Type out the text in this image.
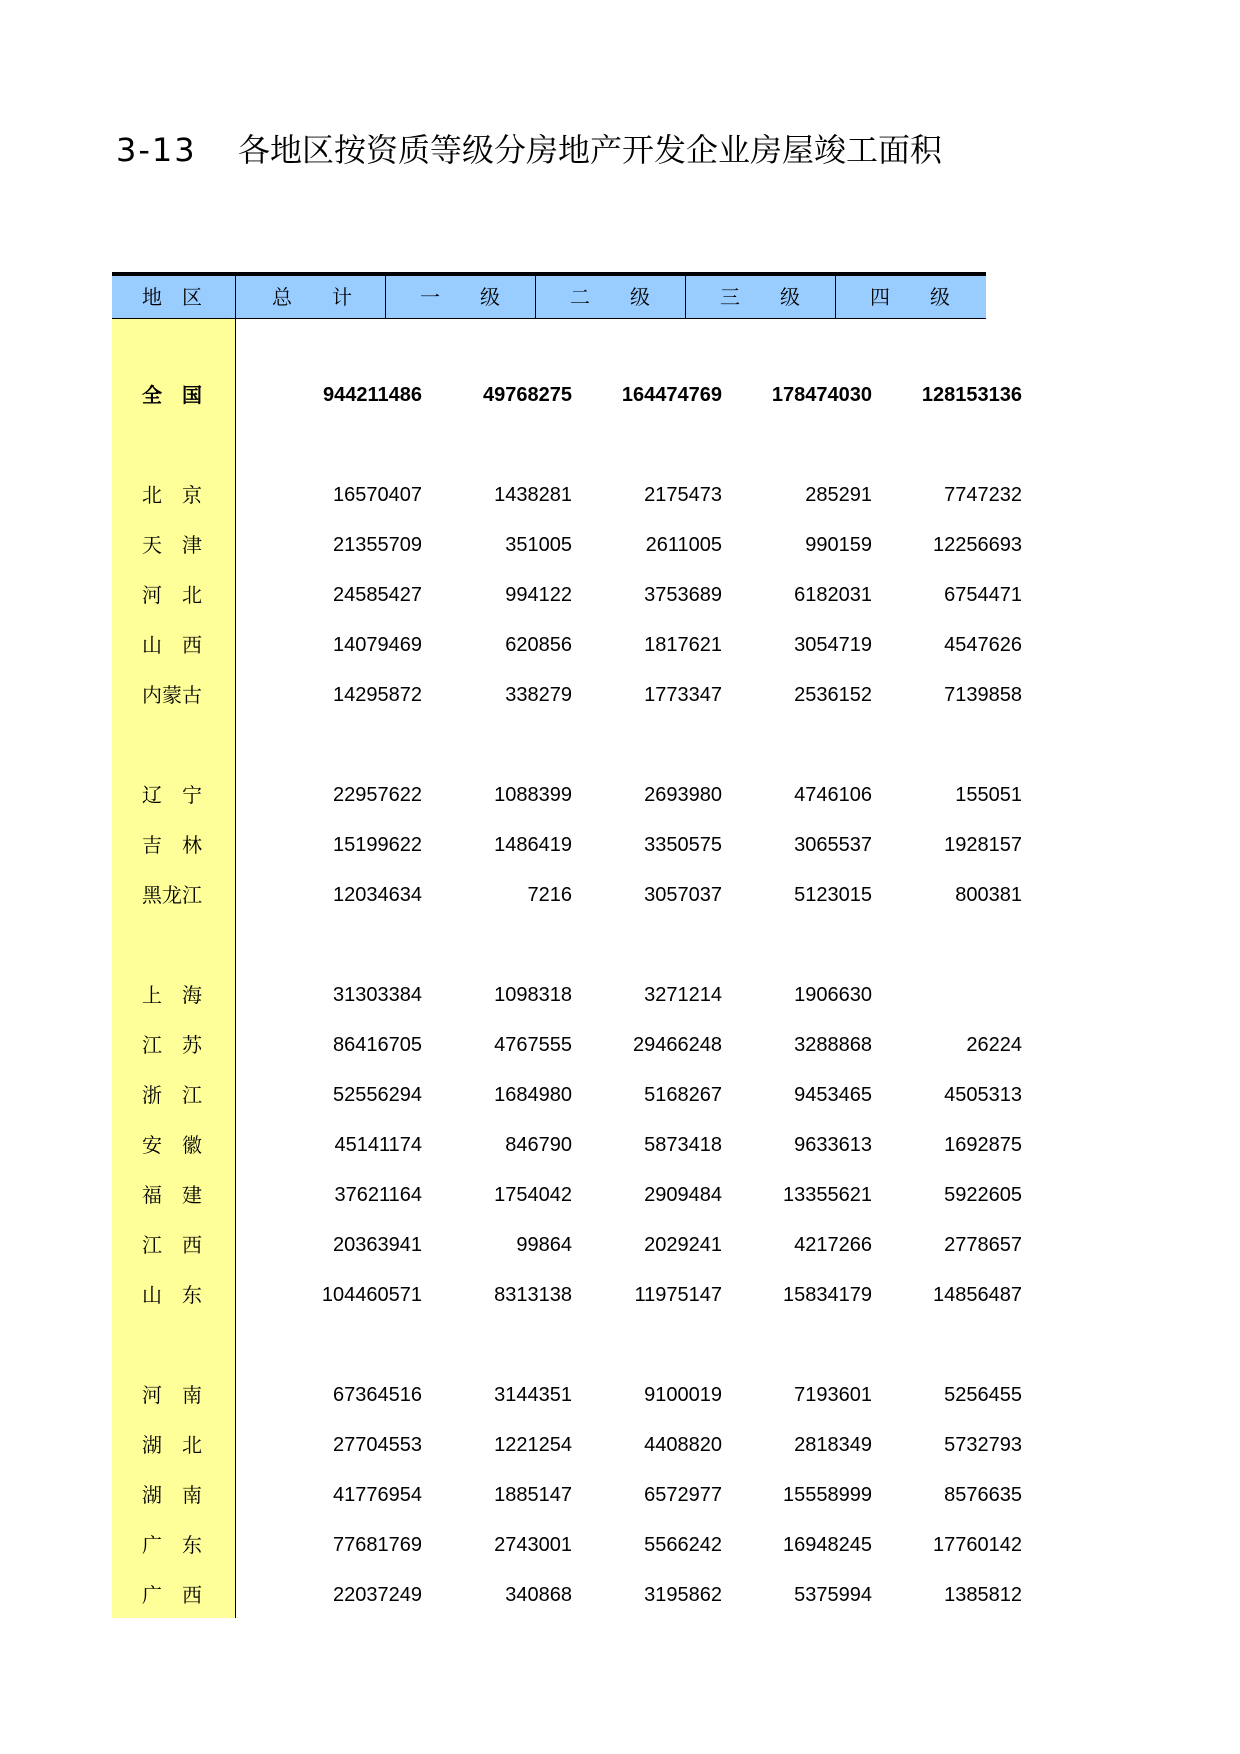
3-13 各地区按资质等级分房地产开发企业房屋竣工面积
地　区	总　　计	一　　级	二　　级	三　　级	四　　级
全　国	944211486	49768275	164474769	178474030	128153136
北　京	16570407	1438281	2175473	285291	7747232
天　津	21355709	351005	2611005	990159	12256693
河　北	24585427	994122	3753689	6182031	6754471
山　西	14079469	620856	1817621	3054719	4547626
内蒙古	14295872	338279	1773347	2536152	7139858
辽　宁	22957622	1088399	2693980	4746106	155051
吉　林	15199622	1486419	3350575	3065537	1928157
黑龙江	12034634	7216	3057037	5123015	800381
上　海	31303384	1098318	3271214	1906630
江　苏	86416705	4767555	29466248	3288868	26224
浙　江	52556294	1684980	5168267	9453465	4505313
安　徽	45141174	846790	5873418	9633613	1692875
福　建	37621164	1754042	2909484	13355621	5922605
江　西	20363941	99864	2029241	4217266	2778657
山　东	104460571	8313138	11975147	15834179	14856487
河　南	67364516	3144351	9100019	7193601	5256455
湖　北	27704553	1221254	4408820	2818349	5732793
湖　南	41776954	1885147	6572977	15558999	8576635
广　东	77681769	2743001	5566242	16948245	17760142
广　西	22037249	340868	3195862	5375994	1385812
